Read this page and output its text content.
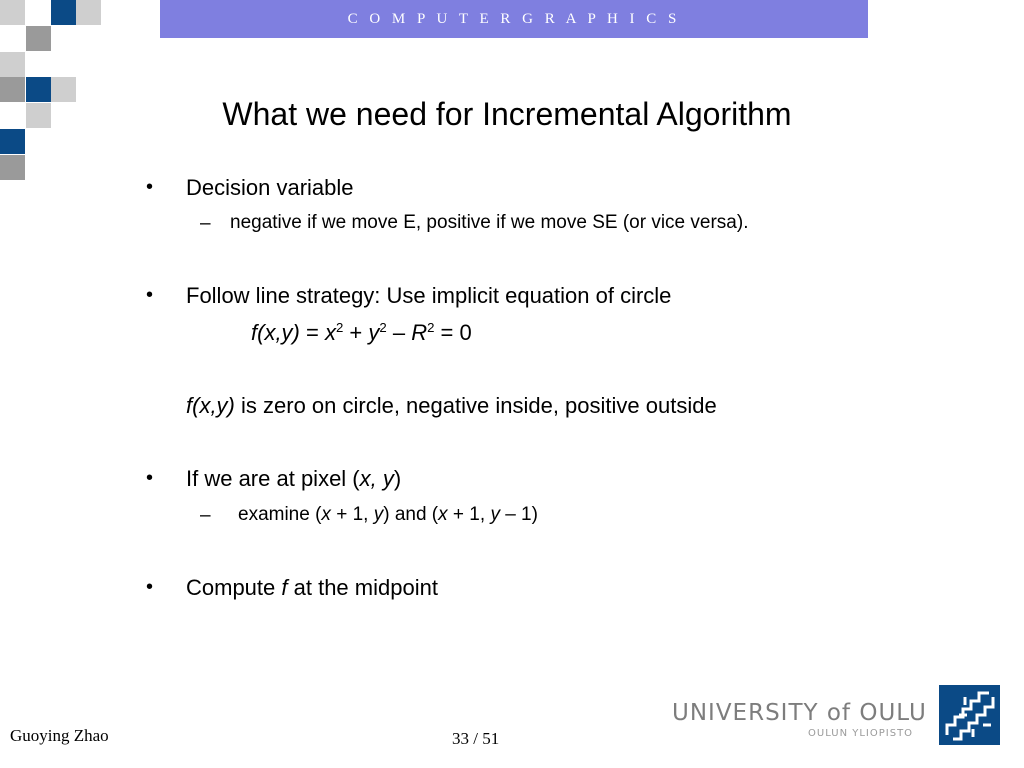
C O M P U T E R G R A P H I C S
What we need for Incremental Algorithm
• Decision variable
– negative if we move E, positive if we move SE (or vice versa).
• Follow line strategy: Use implicit equation of circle
$f(x,y) = x^2 + y^2 - R^2 = 0$
f(x,y) is zero on circle, negative inside, positive outside
• If we are at pixel (x, y)
– examine (x + 1, y) and (x + 1, y – 1)
• Compute f at the midpoint
Guoying Zhao	33 / 51
UNIVERSITY of OULU
OULUN YLIOPISTO
